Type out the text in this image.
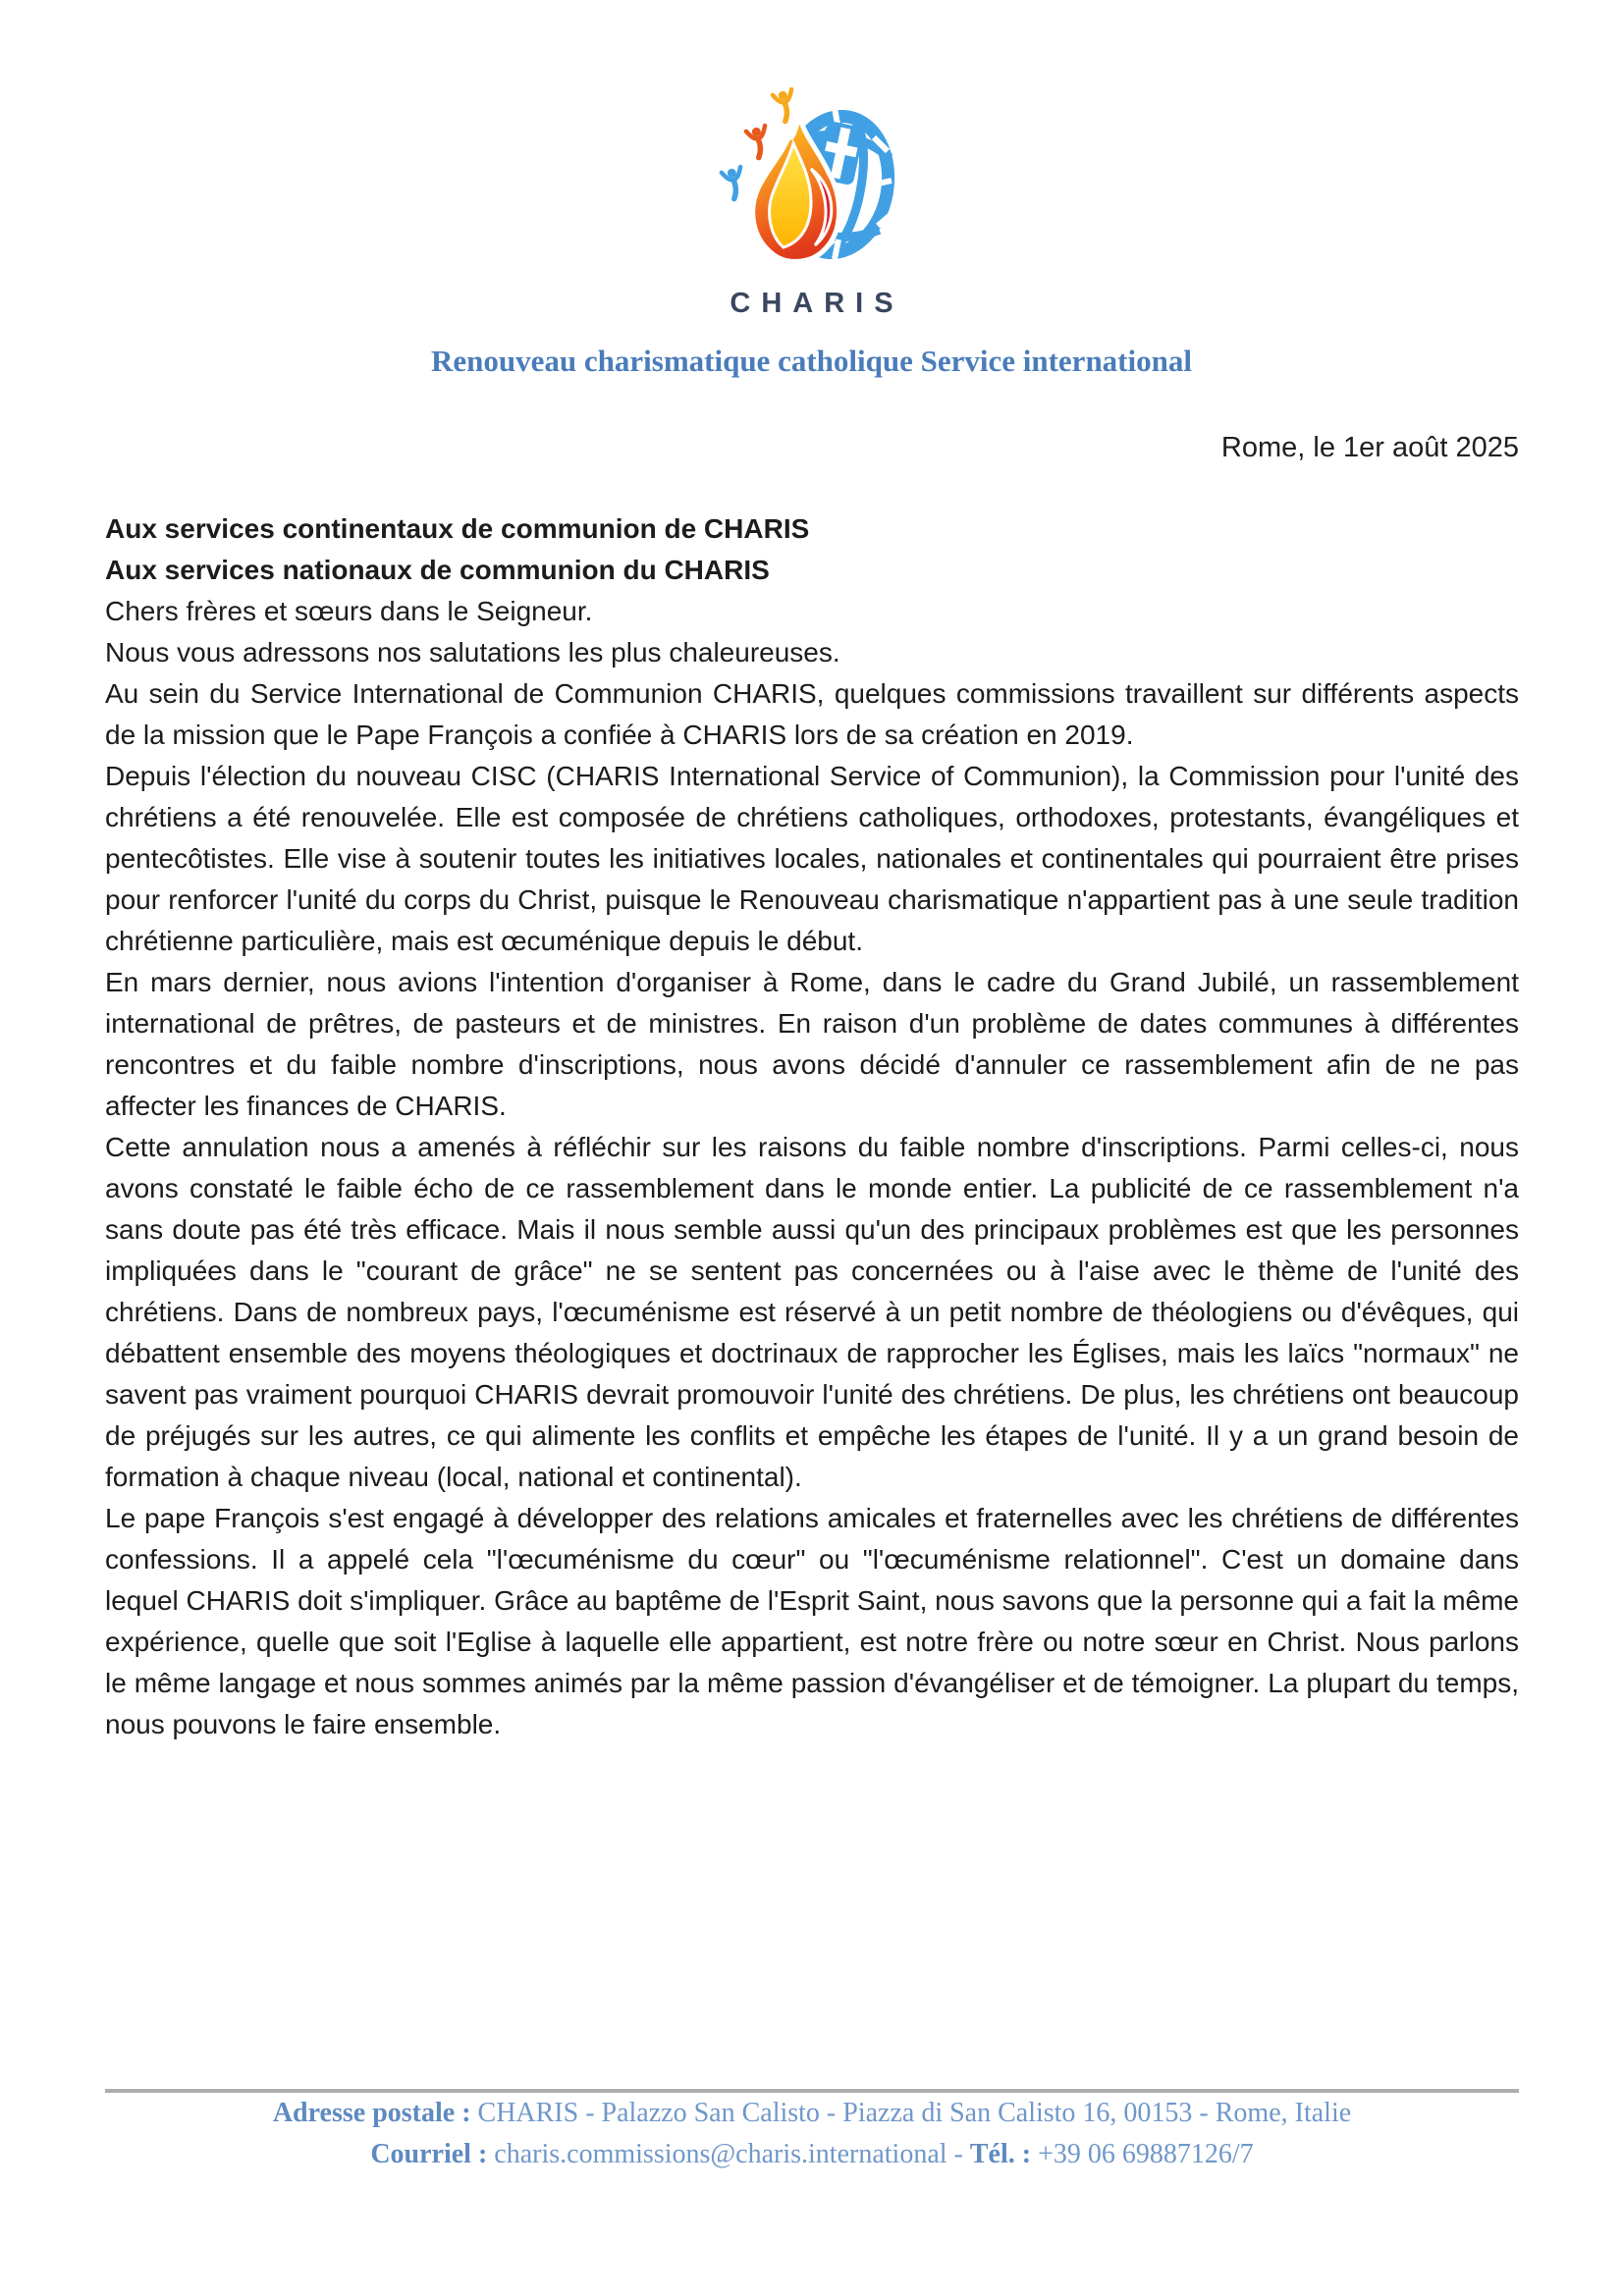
CHARIS
Renouveau charismatique catholique Service international
Rome, le 1er août 2025
Aux services continentaux de communion de CHARIS
Aux services nationaux de communion du CHARIS

Chers frères et sœurs dans le Seigneur.

Nous vous adressons nos salutations les plus chaleureuses.

Au sein du Service International de Communion CHARIS, quelques commissions travaillent sur différents aspects de la mission que le Pape François a confiée à CHARIS lors de sa création en 2019.

Depuis l'élection du nouveau CISC (CHARIS International Service of Communion), la Commission pour l'unité des chrétiens a été renouvelée. Elle est composée de chrétiens catholiques, orthodoxes, protestants, évangéliques et pentecôtistes. Elle vise à soutenir toutes les initiatives locales, nationales et continentales qui pourraient être prises pour renforcer l'unité du corps du Christ, puisque le Renouveau charismatique n'appartient pas à une seule tradition chrétienne particulière, mais est œcuménique depuis le début.

En mars dernier, nous avions l'intention d'organiser à Rome, dans le cadre du Grand Jubilé, un rassemblement international de prêtres, de pasteurs et de ministres. En raison d'un problème de dates communes à différentes rencontres et du faible nombre d'inscriptions, nous avons décidé d'annuler ce rassemblement afin de ne pas affecter les finances de CHARIS.

Cette annulation nous a amenés à réfléchir sur les raisons du faible nombre d'inscriptions. Parmi celles-ci, nous avons constaté le faible écho de ce rassemblement dans le monde entier. La publicité de ce rassemblement n'a sans doute pas été très efficace. Mais il nous semble aussi qu'un des principaux problèmes est que les personnes impliquées dans le "courant de grâce" ne se sentent pas concernées ou à l'aise avec le thème de l'unité des chrétiens. Dans de nombreux pays, l'œcuménisme est réservé à un petit nombre de théologiens ou d'évêques, qui débattent ensemble des moyens théologiques et doctrinaux de rapprocher les Églises, mais les laïcs "normaux" ne savent pas vraiment pourquoi CHARIS devrait promouvoir l'unité des chrétiens. De plus, les chrétiens ont beaucoup de préjugés sur les autres, ce qui alimente les conflits et empêche les étapes de l'unité. Il y a un grand besoin de formation à chaque niveau (local, national et continental).

Le pape François s'est engagé à développer des relations amicales et fraternelles avec les chrétiens de différentes confessions. Il a appelé cela "l'œcuménisme du cœur" ou "l'œcuménisme relationnel". C'est un domaine dans lequel CHARIS doit s'impliquer. Grâce au baptême de l'Esprit Saint, nous savons que la personne qui a fait la même expérience, quelle que soit l'Eglise à laquelle elle appartient, est notre frère ou notre sœur en Christ. Nous parlons le même langage et nous sommes animés par la même passion d'évangéliser et de témoigner. La plupart du temps, nous pouvons le faire ensemble.

Adresse postale : CHARIS - Palazzo San Calisto - Piazza di San Calisto 16, 00153 - Rome, Italie
Courriel : charis.commissions@charis.international - Tél. : +39 06 69887126/7
